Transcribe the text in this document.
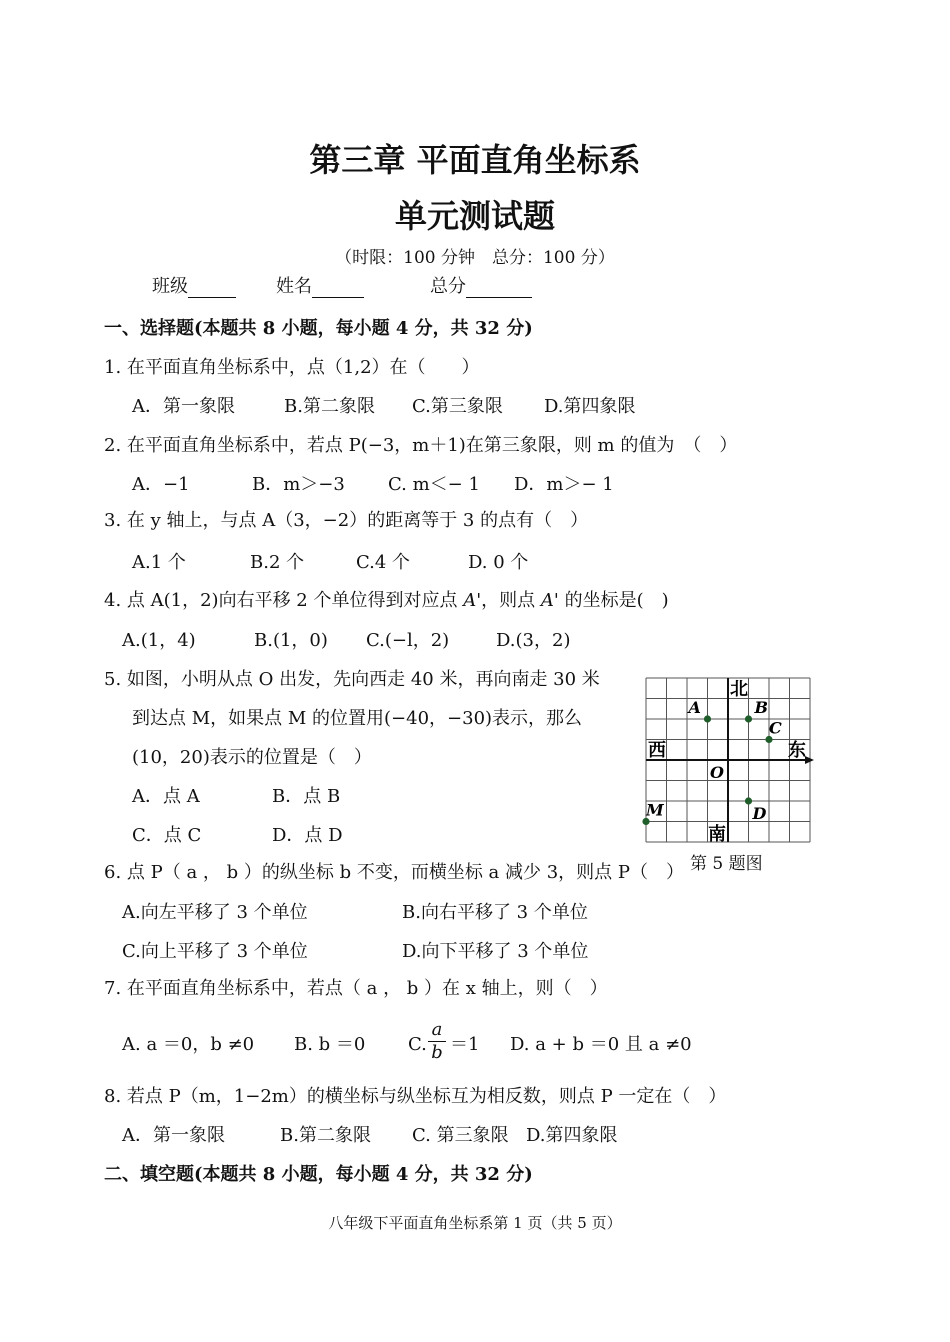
第三章 平面直角坐标系
单元测试题
（时限：100 分钟　总分：100 分）
班级	姓名	总分
一、选择题(本题共 8 小题，每小题 4 分，共 32 分)
1. 在平面直角坐标系中，点（1,2）在（　　）
A．第一象限	B.第二象限 C.第三象限 D.第四象限
2. 在平面直角坐标系中，若点 P(−3，m＋1)在第三象限，则 m 的值为　（　）
A．−1	B．m＞−3 C. m＜− 1 D．m＞− 1
3. 在 y 轴上，与点 A（3，−2）的距离等于 3 的点有（　）
A.1 个	B.2 个	C.4 个	D. 0 个
4. 点 A(1，2)向右平移 2 个单位得到对应点 A'，则点 A' 的坐标是(　)
A.(1，4)	B.(1，0) C.(−l，2)	D.(3，2)
5. 如图，小明从点 O 出发，先向西走 40 米，再向南走 30 米
到达点 M，如果点 M 的位置用(−40，−30)表示，那么
(10，20)表示的位置是（　）
A．点 A	B．点 B
C．点 C	D．点 D
A	B
C
D
M
北
东
西
南
O
第 5 题图
6. 点 P（ a ， b ）的纵坐标 b 不变，而横坐标 a 减少 3，则点 P（　）
A.向左平移了 3 个单位	B.向右平移了 3 个单位
C.向上平移了 3 个单位	D.向下平移了 3 个单位
7. 在平面直角坐标系中，若点（ a ， b ）在 x 轴上，则（　）
A. a ＝0，b ≠0 B. b ＝0 C.
a
b ＝1 D. a + b ＝0 且 a ≠0
8. 若点 P（m，1−2m）的横坐标与纵坐标互为相反数，则点 P 一定在（　）
A．第一象限	B.第二象限 C. 第三象限 D.第四象限
二、填空题(本题共 8 小题，每小题 4 分，共 32 分)
八年级下平面直角坐标系第 1 页（共 5 页）
